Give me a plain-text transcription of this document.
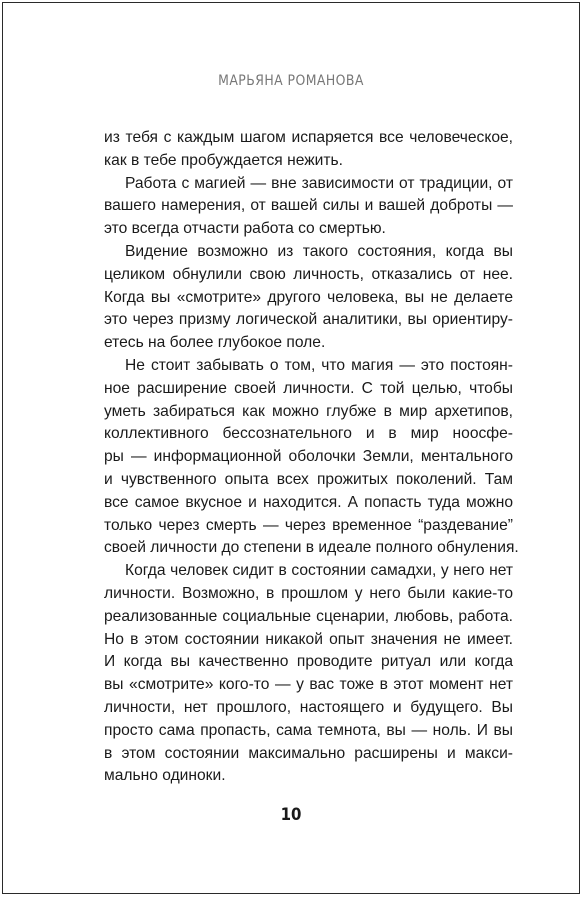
МАРЬЯНА РОМАНОВА
из тебя с каждым шагом испаряется все человеческое,
как в тебе пробуждается нежить.
Работа с магией — вне зависимости от традиции, от
вашего намерения, от вашей силы и вашей доброты —
это всегда отчасти работа со смертью.
Видение возможно из такого состояния, когда вы
целиком обнулили свою личность, отказались от нее.
Когда вы «смотрите» другого человека, вы не делаете
это через призму логической аналитики, вы ориентиру-
етесь на более глубокое поле.
Не стоит забывать о том, что магия — это постоян-
ное расширение своей личности. С той целью, чтобы
уметь забираться как можно глубже в мир архетипов,
коллективного бессознательного и в мир ноосфе-
ры — информационной оболочки Земли, ментального
и чувственного опыта всех прожитых поколений. Там
все самое вкусное и находится. А попасть туда можно
только через смерть — через временное “раздевание”
своей личности до степени в идеале полного обнуления.
Когда человек сидит в состоянии самадхи, у него нет
личности. Возможно, в прошлом у него были какие-то
реализованные социальные сценарии, любовь, работа.
Но в этом состоянии никакой опыт значения не имеет.
И когда вы качественно проводите ритуал или когда
вы «смотрите» кого-то — у вас тоже в этот момент нет
личности, нет прошлого, настоящего и будущего. Вы
просто сама пропасть, сама темнота, вы — ноль. И вы
в этом состоянии максимально расширены и макси-
мально одиноки.
10
